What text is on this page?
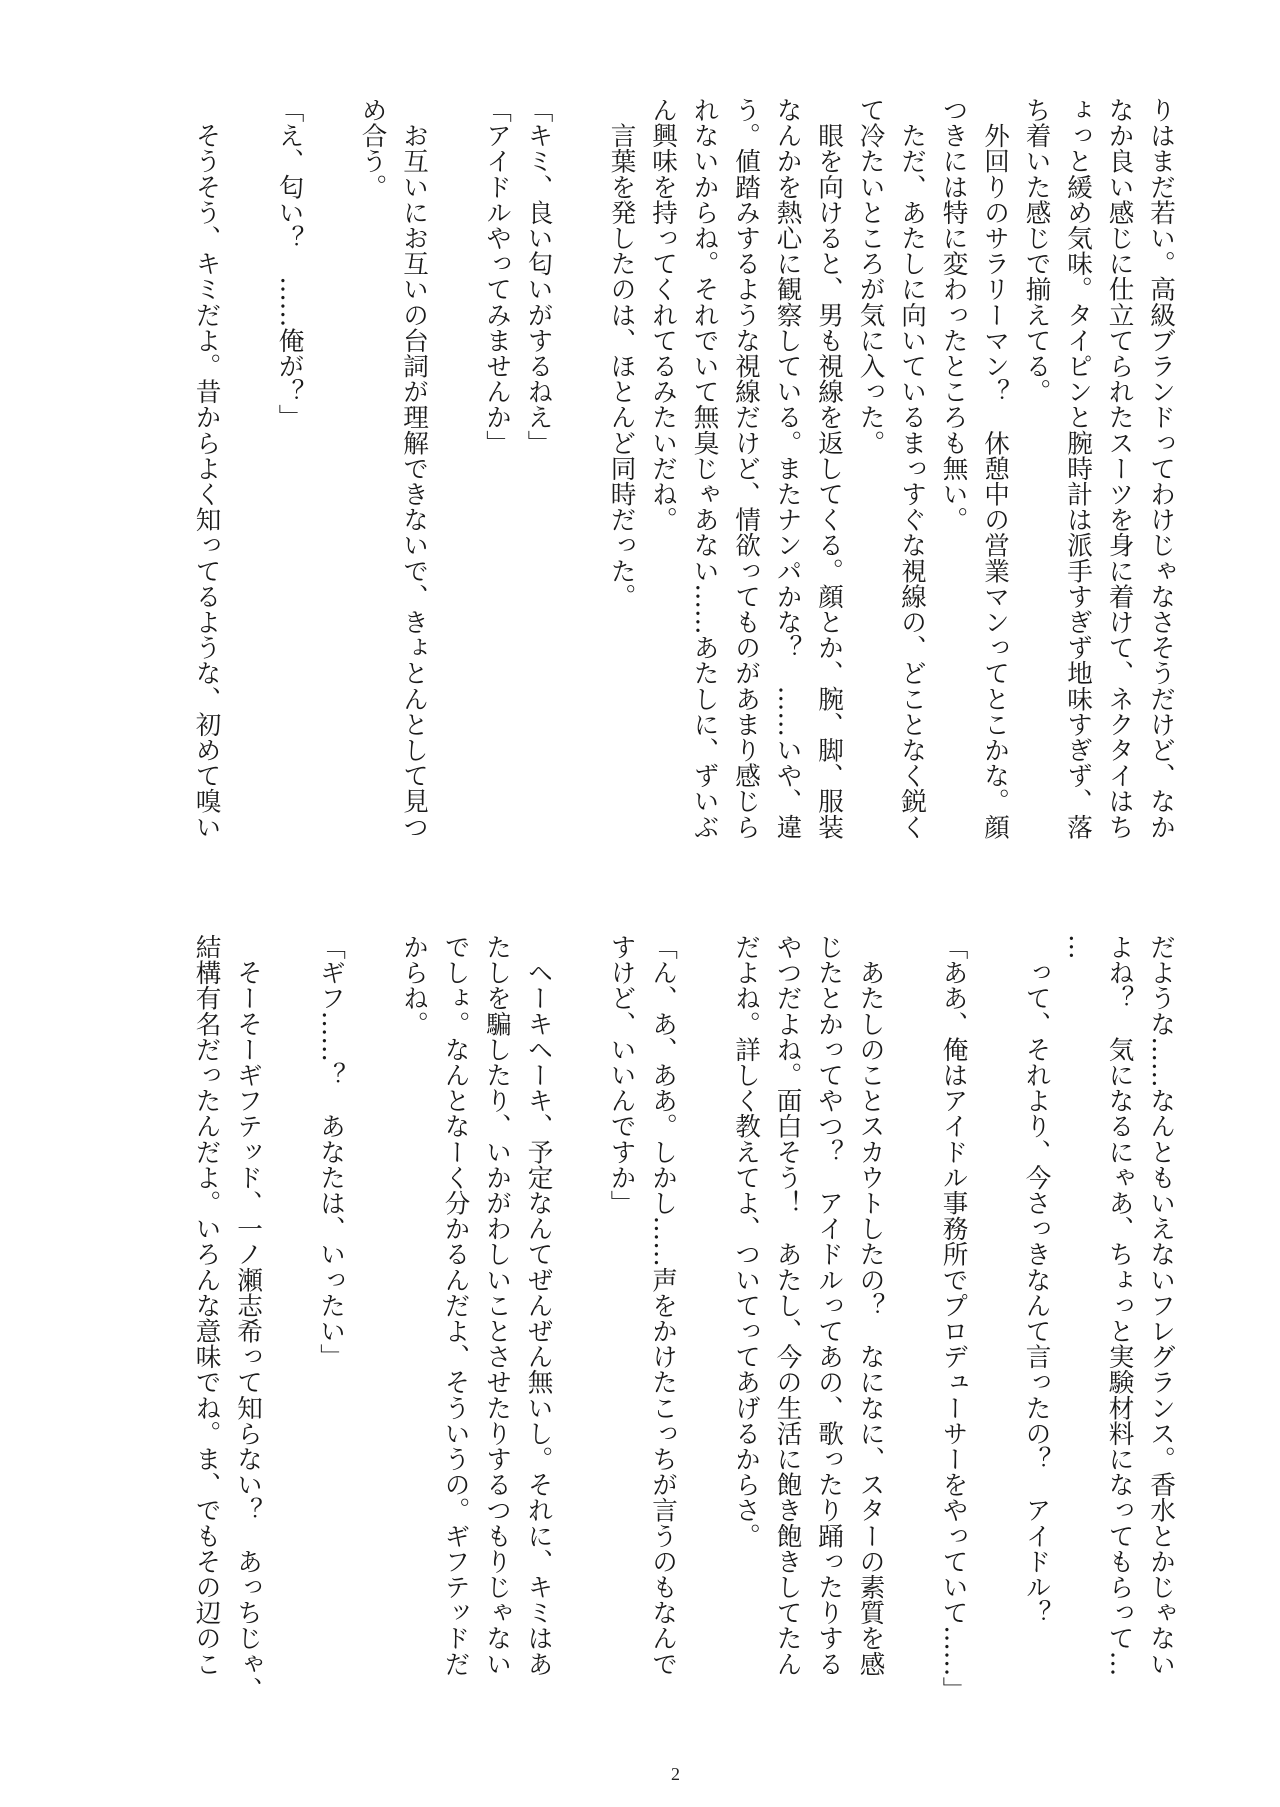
りはまだ若い。高級ブランドってわけじゃなさそうだけど、なか
なか良い感じに仕立てられたスーツを身に着けて、ネクタイはち
ょっと緩め気味。タイピンと腕時計は派手すぎず地味すぎず、落
ち着いた感じで揃えてる。
　外回りのサラリーマン？　休憩中の営業マンってとこかな。顔
つきには特に変わったところも無い。
　ただ、あたしに向いているまっすぐな視線の、どことなく鋭く
て冷たいところが気に入った。
　眼を向けると、男も視線を返してくる。顔とか、腕、脚、服装
なんかを熱心に観察している。またナンパかな？　……いや、違
う。値踏みするような視線だけど、情欲ってものがあまり感じら
れないからね。それでいて無臭じゃあない……あたしに、ずいぶ
ん興味を持ってくれてるみたいだね。
　言葉を発したのは、ほとんど同時だった。
「キミ、良い匂いがするねえ」
「アイドルやってみませんか」
　お互いにお互いの台詞が理解できないで、きょとんとして見つ
め合う。
「え、匂い？　……俺が？」
　そうそう、キミだよ。昔からよく知ってるような、初めて嗅い
だような……なんともいえないフレグランス。香水とかじゃない
よね？　気になるにゃあ、ちょっと実験材料になってもらって…
…
　って、それより、今さっきなんて言ったの？　アイドル？
「ああ、俺はアイドル事務所でプロデューサーをやっていて……」
　あたしのことスカウトしたの？　なになに、スターの素質を感
じたとかってやつ？　アイドルってあの、歌ったり踊ったりする
やつだよね。面白そう！　あたし、今の生活に飽き飽きしてたん
だよね。詳しく教えてよ、ついてってあげるからさ。
「ん、あ、ああ。しかし……声をかけたこっちが言うのもなんで
すけど、いいんですか」
　ヘーキヘーキ、予定なんてぜんぜん無いし。それに、キミはあ
たしを騙したり、いかがわしいことさせたりするつもりじゃない
でしょ。なんとなーく分かるんだよ、そういうの。ギフテッドだ
からね。
「ギフ……？　あなたは、いったい」
　そーそーギフテッド、一ノ瀬志希って知らない？　あっちじゃ、
結構有名だったんだよ。いろんな意味でね。ま、でもその辺のこ
2
